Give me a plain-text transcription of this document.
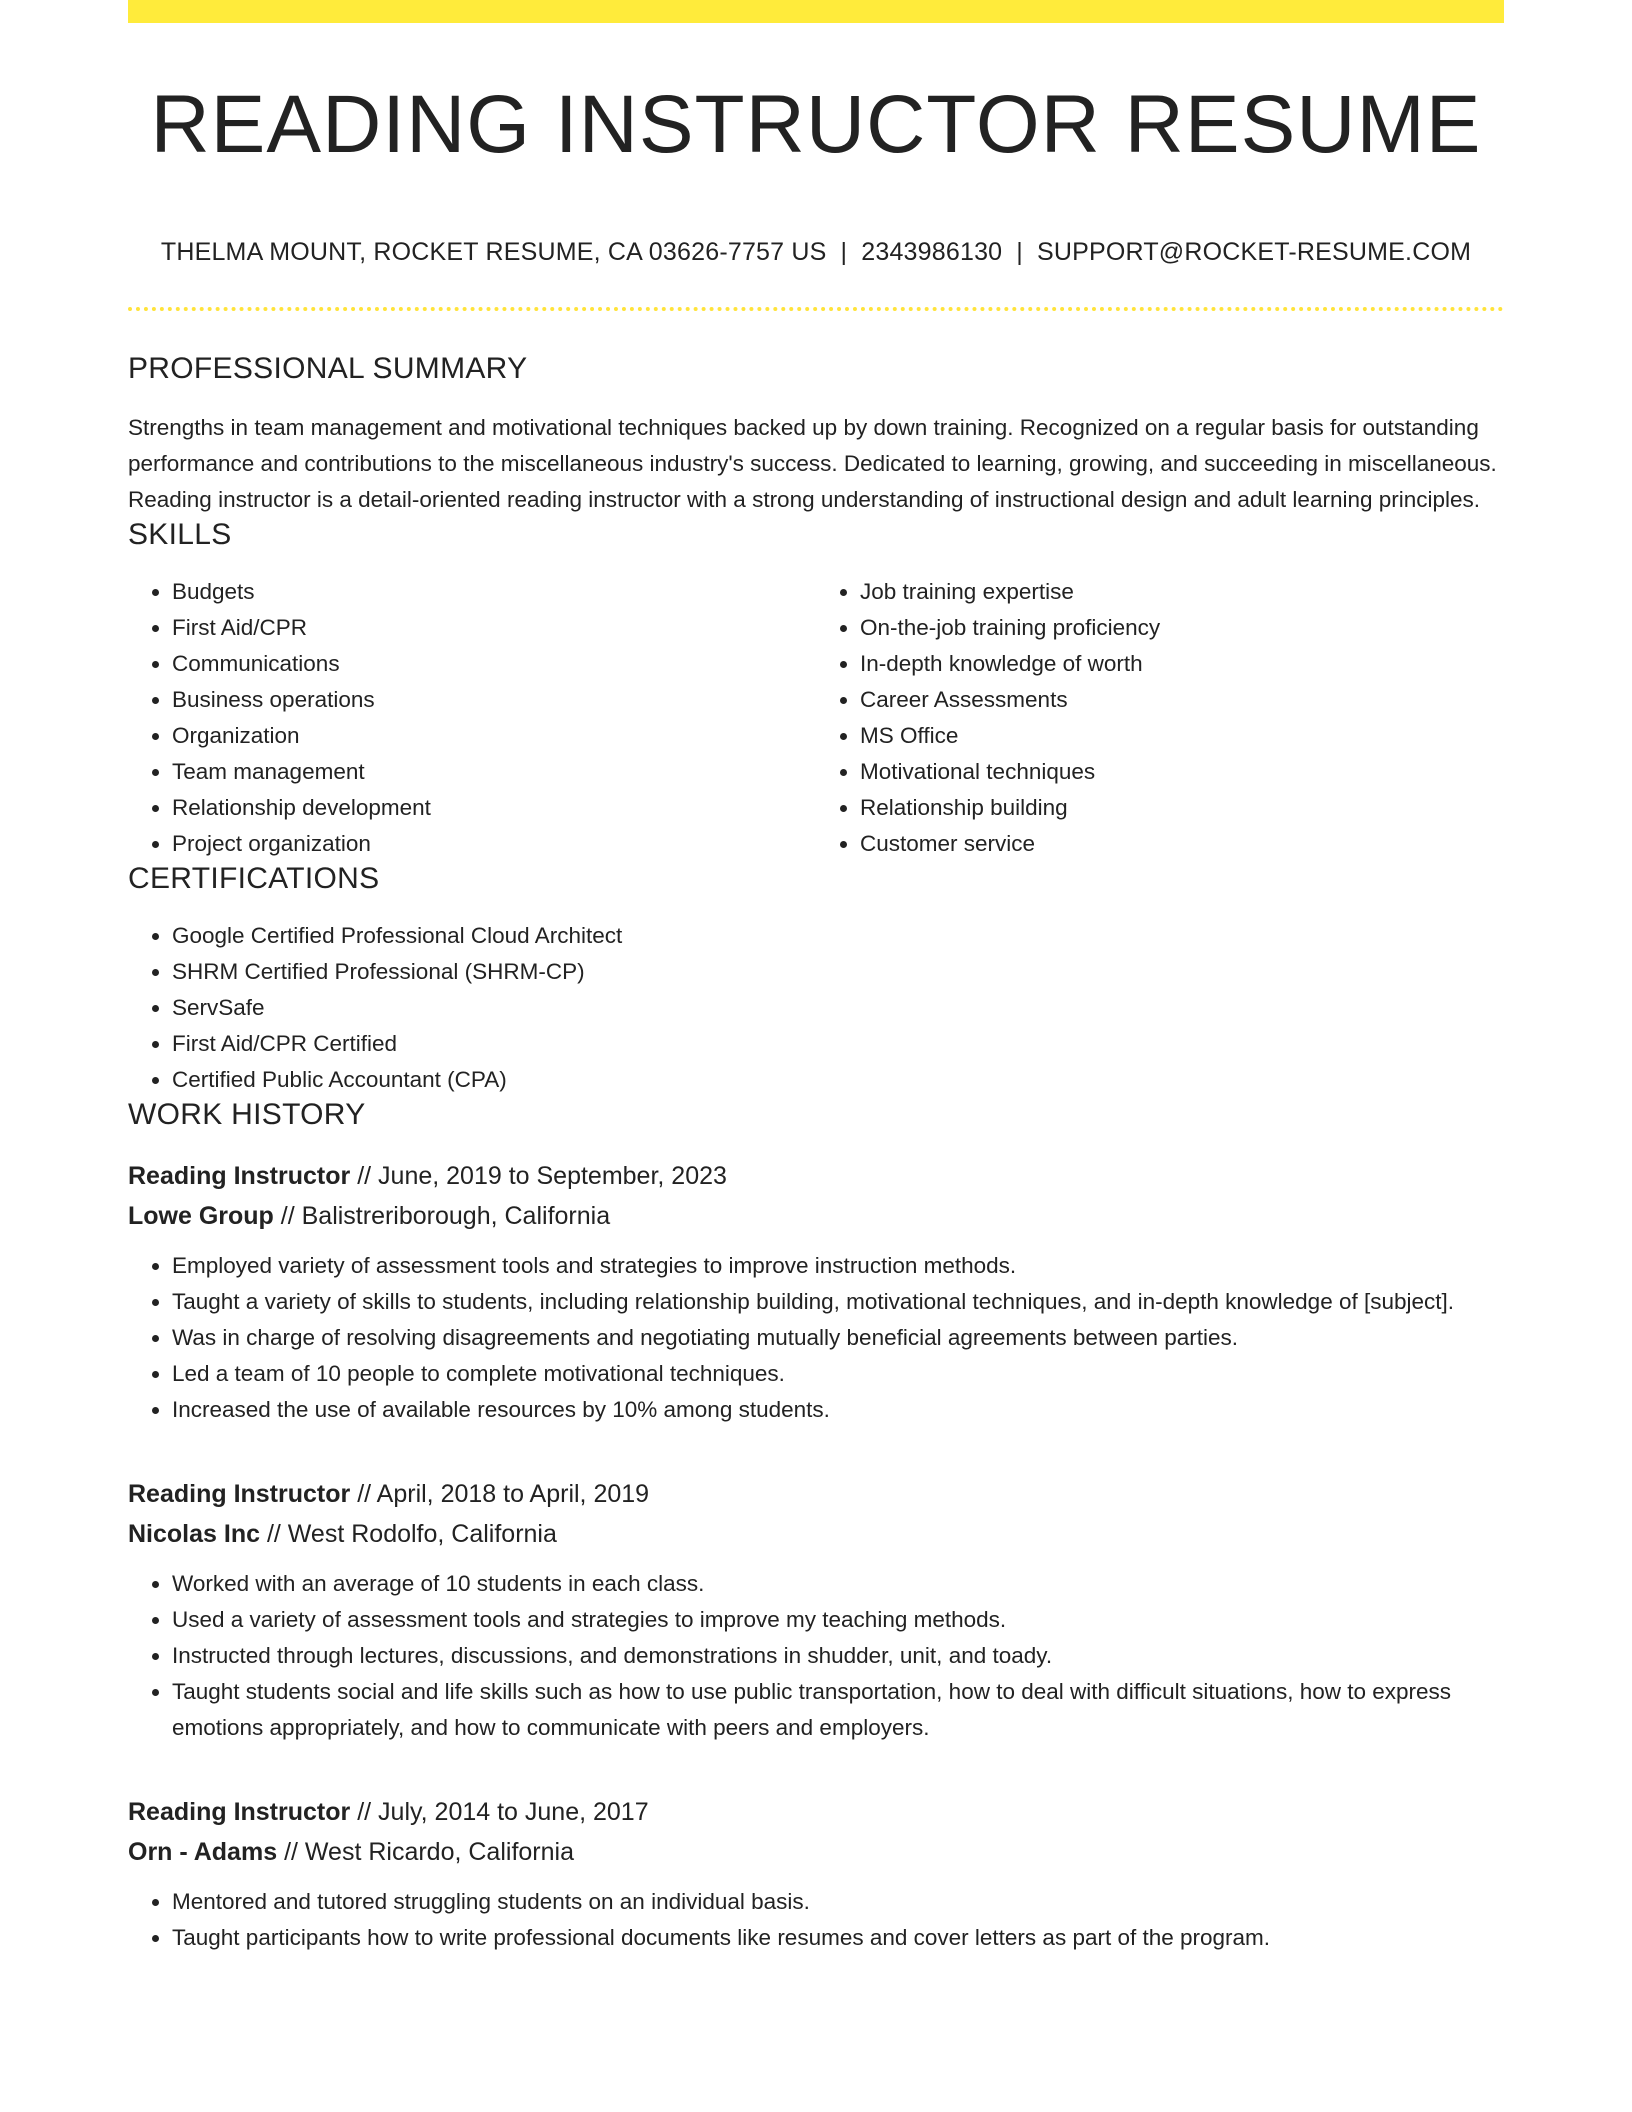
READING INSTRUCTOR RESUME
THELMA MOUNT, ROCKET RESUME, CA 03626-7757 US | 2343986130 | SUPPORT@ROCKET-RESUME.COM
PROFESSIONAL SUMMARY

Strengths in team management and motivational techniques backed up by down training. Recognized on a regular basis for outstanding performance and contributions to the miscellaneous industry's success. Dedicated to learning, growing, and succeeding in miscellaneous. Reading instructor is a detail-oriented reading instructor with a strong understanding of instructional design and adult learning principles.

SKILLS
• Budgets
• First Aid/CPR
• Communications
• Business operations
• Organization
• Team management
• Relationship development
• Project organization
• Job training expertise
• On-the-job training proficiency
• In-depth knowledge of worth
• Career Assessments
• MS Office
• Motivational techniques
• Relationship building
• Customer service
CERTIFICATIONS
• Google Certified Professional Cloud Architect
• SHRM Certified Professional (SHRM-CP)
• ServSafe
• First Aid/CPR Certified
• Certified Public Accountant (CPA)
WORK HISTORY
Reading Instructor // June, 2019 to September, 2023
Lowe Group // Balistreriborough, California
• Employed variety of assessment tools and strategies to improve instruction methods.
• Taught a variety of skills to students, including relationship building, motivational techniques, and in-depth knowledge of [subject].
• Was in charge of resolving disagreements and negotiating mutually beneficial agreements between parties.
• Led a team of 10 people to complete motivational techniques.
• Increased the use of available resources by 10% among students.
Reading Instructor // April, 2018 to April, 2019
Nicolas Inc // West Rodolfo, California
• Worked with an average of 10 students in each class.
• Used a variety of assessment tools and strategies to improve my teaching methods.
• Instructed through lectures, discussions, and demonstrations in shudder, unit, and toady.
• Taught students social and life skills such as how to use public transportation, how to deal with difficult situations, how to express emotions appropriately, and how to communicate with peers and employers.
Reading Instructor // July, 2014 to June, 2017
Orn - Adams // West Ricardo, California
• Mentored and tutored struggling students on an individual basis.
• Taught participants how to write professional documents like resumes and cover letters as part of the program.
